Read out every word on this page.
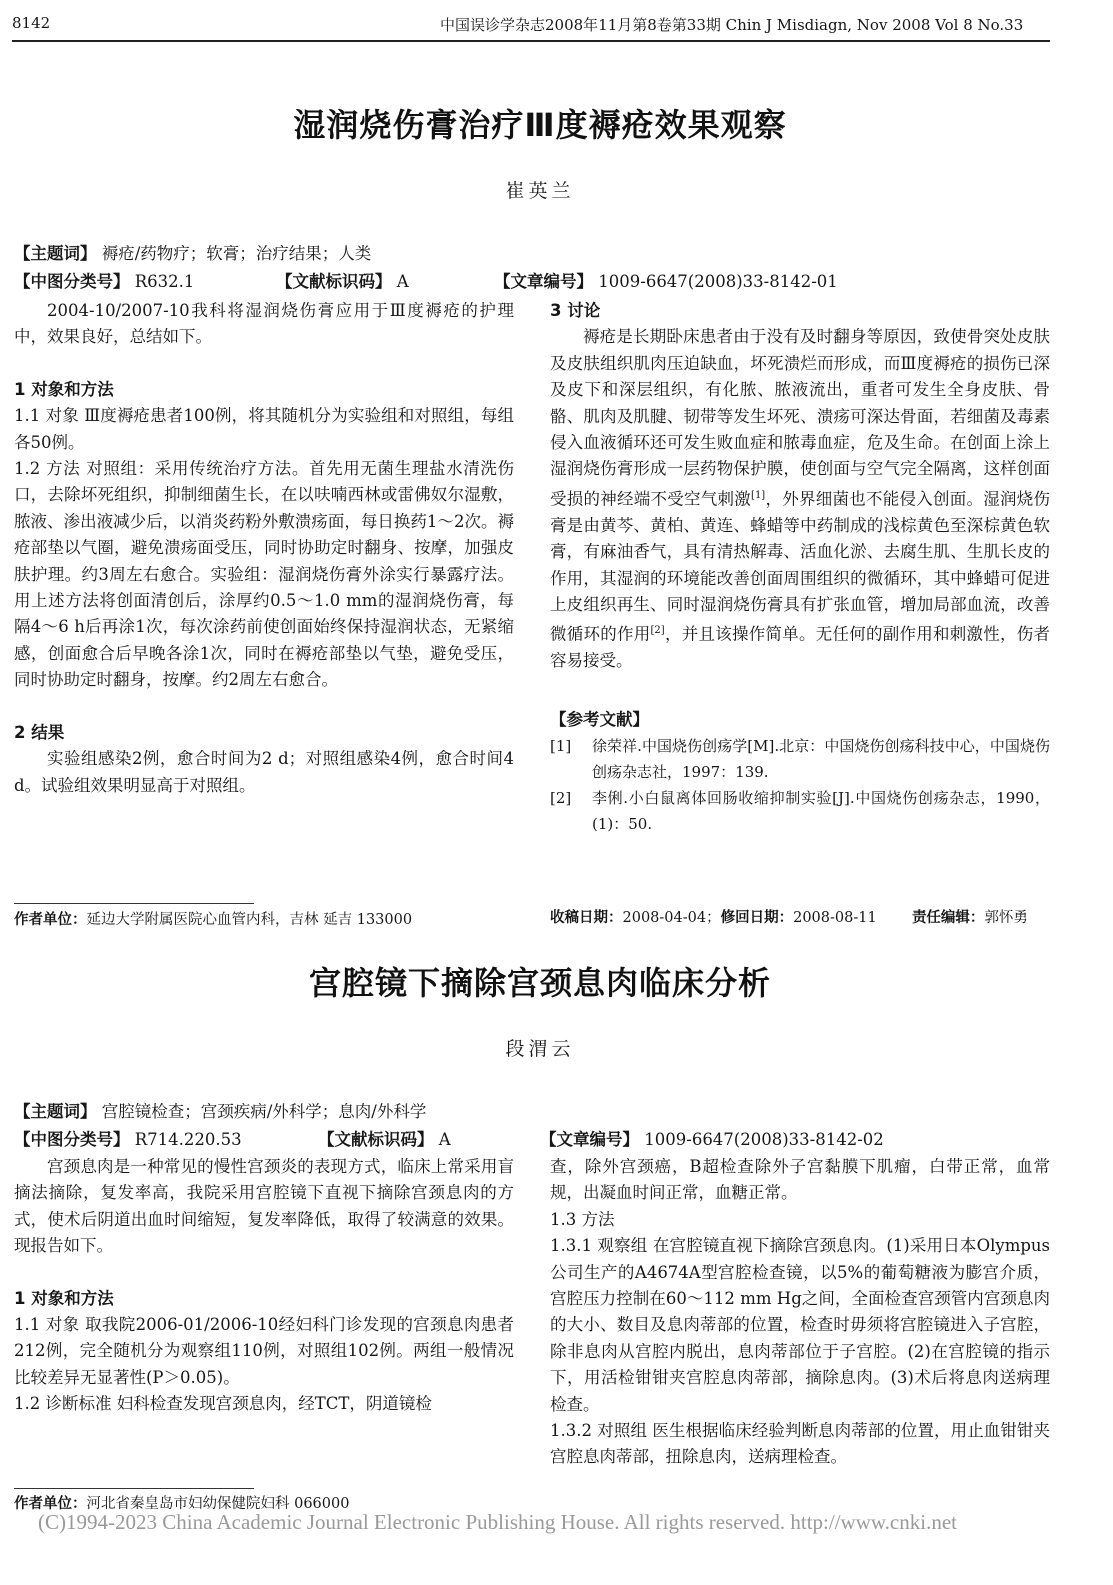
8142	中国误诊学杂志2008年11月第8卷第33期 Chin J Misdiagn, Nov 2008 Vol 8 No.33
湿润烧伤膏治疗Ⅲ度褥疮效果观察
崔英兰
【主题词】 褥疮/药物疗；软膏；治疗结果；人类
【中图分类号】 R632.1	【文献标识码】 A	【文章编号】 1009-6647(2008)33-8142-01

2004-10/2007-10我科将湿润烧伤膏应用于Ⅲ度褥疮的护理中，效果良好，总结如下。

1 对象和方法

1.1 对象 Ⅲ度褥疮患者100例，将其随机分为实验组和对照组，每组各50例。

1.2 方法 对照组：采用传统治疗方法。首先用无菌生理盐水清洗伤口，去除坏死组织，抑制细菌生长，在以呋喃西林或雷佛奴尔湿敷，脓液、渗出液减少后，以消炎药粉外敷溃疡面，每日换药1～2次。褥疮部垫以气圈，避免溃疡面受压，同时协助定时翻身、按摩，加强皮肤护理。约3周左右愈合。实验组：湿润烧伤膏外涂实行暴露疗法。用上述方法将创面清创后，涂厚约0.5～1.0 mm的湿润烧伤膏，每隔4～6 h后再涂1次，每次涂药前使创面始终保持湿润状态，无紧缩感，创面愈合后早晚各涂1次，同时在褥疮部垫以气垫，避免受压，同时协助定时翻身，按摩。约2周左右愈合。

2 结果

实验组感染2例，愈合时间为2 d；对照组感染4例，愈合时间4 d。试验组效果明显高于对照组。

3 讨论

褥疮是长期卧床患者由于没有及时翻身等原因，致使骨突处皮肤及皮肤组织肌肉压迫缺血，坏死溃烂而形成，而Ⅲ度褥疮的损伤已深及皮下和深层组织，有化脓、脓液流出，重者可发生全身皮肤、骨骼、肌肉及肌腱、韧带等发生坏死、溃疡可深达骨面，若细菌及毒素侵入血液循环还可发生败血症和脓毒血症，危及生命。在创面上涂上湿润烧伤膏形成一层药物保护膜，使创面与空气完全隔离，这样创面受损的神经端不受空气刺激[1]，外界细菌也不能侵入创面。湿润烧伤膏是由黄芩、黄柏、黄连、蜂蜡等中药制成的浅棕黄色至深棕黄色软膏，有麻油香气，具有清热解毒、活血化淤、去腐生肌、生肌长皮的作用，其湿润的环境能改善创面周围组织的微循环，其中蜂蜡可促进上皮组织再生、同时湿润烧伤膏具有扩张血管，增加局部血流，改善微循环的作用[2]，并且该操作简单。无任何的副作用和刺激性，伤者容易接受。

【参考文献】

[1]	徐荣祥.中国烧伤创疡学[M].北京：中国烧伤创疡科技中心，中国烧伤创疡杂志社，1997：139.
[2]	李俐.小白鼠离体回肠收缩抑制实验[J].中国烧伤创疡杂志，1990，(1)：50.
作者单位：延边大学附属医院心血管内科，吉林 延吉 133000	收稿日期：2008-04-04；修回日期：2008-08-11 责任编辑：郭怀勇
宫腔镜下摘除宫颈息肉临床分析
段渭云
【主题词】 宫腔镜检查；宫颈疾病/外科学；息肉/外科学
【中图分类号】 R714.220.53	【文献标识码】 A	【文章编号】 1009-6647(2008)33-8142-02

宫颈息肉是一种常见的慢性宫颈炎的表现方式，临床上常采用盲摘法摘除，复发率高，我院采用宫腔镜下直视下摘除宫颈息肉的方式，使术后阴道出血时间缩短，复发率降低，取得了较满意的效果。现报告如下。

1 对象和方法

1.1 对象 取我院2006-01/2006-10经妇科门诊发现的宫颈息肉患者212例，完全随机分为观察组110例，对照组102例。两组一般情况比较差异无显著性(P＞0.05)。

1.2 诊断标准 妇科检查发现宫颈息肉，经TCT，阴道镜检

查，除外宫颈癌，B超检查除外子宫黏膜下肌瘤，白带正常，血常规，出凝血时间正常，血糖正常。

1.3 方法

1.3.1 观察组 在宫腔镜直视下摘除宫颈息肉。(1)采用日本Olympus公司生产的A4674A型宫腔检查镜，以5%的葡萄糖液为膨宫介质，宫腔压力控制在60～112 mm Hg之间，全面检查宫颈管内宫颈息肉的大小、数目及息肉蒂部的位置，检查时毋须将宫腔镜进入子宫腔，除非息肉从宫腔内脱出，息肉蒂部位于子宫腔。(2)在宫腔镜的指示下，用活检钳钳夹宫腔息肉蒂部，摘除息肉。(3)术后将息肉送病理检查。

1.3.2 对照组 医生根据临床经验判断息肉蒂部的位置，用止血钳钳夹宫腔息肉蒂部，扭除息肉，送病理检查。

作者单位：河北省秦皇岛市妇幼保健院妇科 066000
(C)1994-2023 China Academic Journal Electronic Publishing House. All rights reserved. http://www.cnki.net
